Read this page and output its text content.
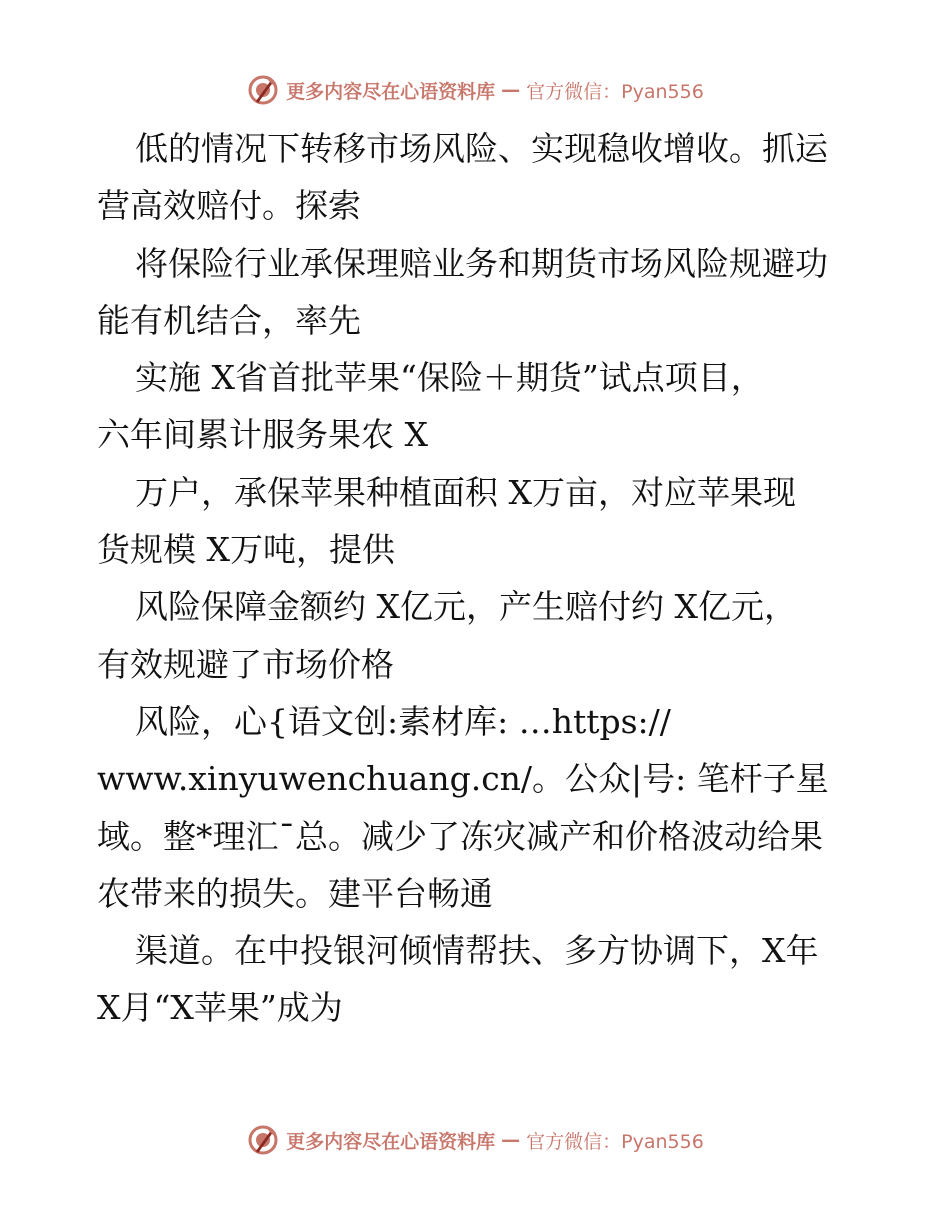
更多内容尽在心语资料库 — 官方微信：Pyan556
低的情况下转移市场风险、实现稳收增收。抓运
营高效赔付。探索
将保险行业承保理赔业务和期货市场风险规避功
能有机结合，率先
实施 X省首批苹果“保险＋期货”试点项目，
六年间累计服务果农 X
万户，承保苹果种植面积 X万亩，对应苹果现
货规模 X万吨，提供
风险保障金额约 X亿元，产生赔付约 X亿元，
有效规避了市场价格
风险，心{语文创:素材库: …https://
www.xinyuwenchuang.cn/。公众|号: 笔杆子星
域。整*理汇¯总。减少了冻灾减产和价格波动给果
农带来的损失。建平台畅通
渠道。在中投银河倾情帮扶、多方协调下，X年
X月“X苹果”成为
更多内容尽在心语资料库 — 官方微信：Pyan556
